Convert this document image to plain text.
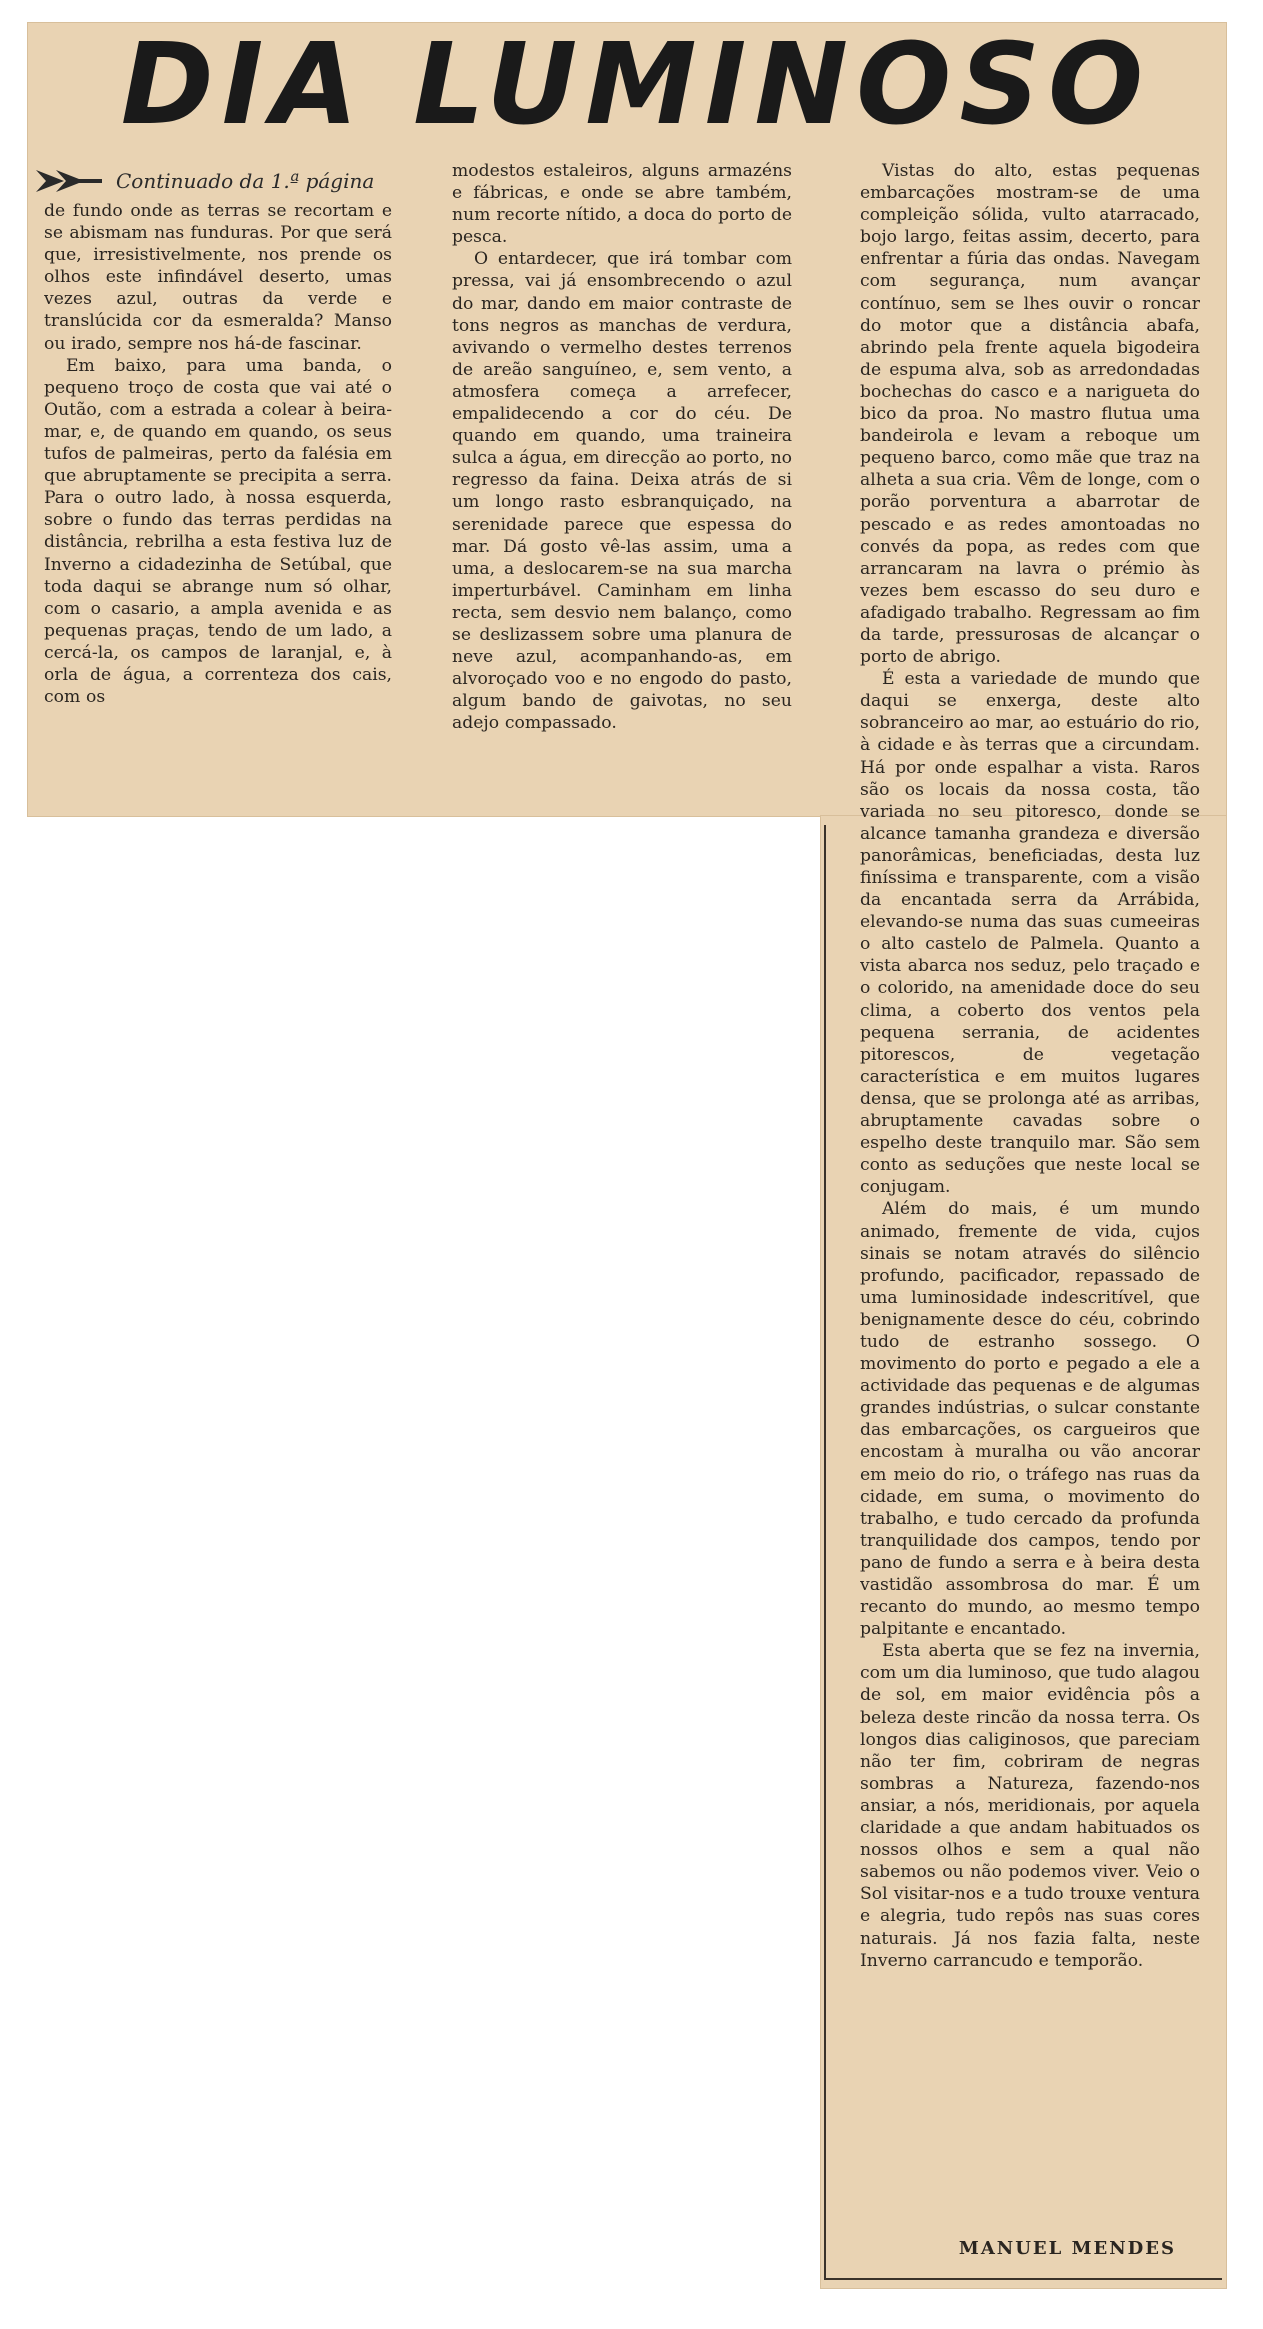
DIA LUMINOSO
Continuado da 1.ª página

de fundo onde as terras se recortam e se abismam nas funduras. Por que será que, irresistivelmente, nos prende os olhos este infindável deserto, umas vezes azul, outras da verde e translúcida cor da esmeralda? Manso ou irado, sempre nos há-de fascinar.

Em baixo, para uma banda, o pequeno troço de costa que vai até o Outão, com a estrada a colear à beira-mar, e, de quando em quando, os seus tufos de palmeiras, perto da falésia em que abruptamente se precipita a serra. Para o outro lado, à nossa esquerda, sobre o fundo das terras perdidas na distância, rebrilha a esta festiva luz de Inverno a cidadezinha de Setúbal, que toda daqui se abrange num só olhar, com o casario, a ampla avenida e as pequenas praças, tendo de um lado, a cercá-la, os campos de laranjal, e, à orla de água, a correnteza dos cais, com os

modestos estaleiros, alguns armazéns e fábricas, e onde se abre também, num recorte nítido, a doca do porto de pesca.

O entardecer, que irá tombar com pressa, vai já ensombrecendo o azul do mar, dando em maior contraste de tons negros as manchas de verdura, avivando o vermelho destes terrenos de areão sanguíneo, e, sem vento, a atmosfera começa a arrefecer, empalidecendo a cor do céu. De quando em quando, uma traineira sulca a água, em direcção ao porto, no regresso da faina. Deixa atrás de si um longo rasto esbranquiçado, na serenidade parece que espessa do mar. Dá gosto vê-las assim, uma a uma, a deslocarem-se na sua marcha imperturbável. Caminham em linha recta, sem desvio nem balanço, como se deslizassem sobre uma planura de neve azul, acompanhando-as, em alvoroçado voo e no engodo do pasto, algum bando de gaivotas, no seu adejo compassado.

Vistas do alto, estas pequenas embarcações mostram-se de uma compleição sólida, vulto atarracado, bojo largo, feitas assim, decerto, para enfrentar a fúria das ondas. Navegam com segurança, num avançar contínuo, sem se lhes ouvir o roncar do motor que a distância abafa, abrindo pela frente aquela bigodeira de espuma alva, sob as arredondadas bochechas do casco e a narigueta do bico da proa. No mastro flutua uma bandeirola e levam a reboque um pequeno barco, como mãe que traz na alheta a sua cria. Vêm de longe, com o porão porventura a abarrotar de pescado e as redes amontoadas no convés da popa, as redes com que arrancaram na lavra o prémio às vezes bem escasso do seu duro e afadigado trabalho. Regressam ao fim da tarde, pressurosas de alcançar o porto de abrigo.

É esta a variedade de mundo que daqui se enxerga, deste alto sobranceiro ao mar, ao estuário do rio, à cidade e às terras que a circundam. Há por onde espalhar a vista. Raros são os locais da nossa costa, tão variada no seu pitoresco, donde se alcance tamanha grandeza e diversão panorâmicas, beneficiadas, desta luz finíssima e transparente, com a visão da encantada serra da Arrábida, elevando-se numa das suas cumeeiras o alto castelo de Palmela. Quanto a vista abarca nos seduz, pelo traçado e o colorido, na amenidade doce do seu clima, a coberto dos ventos pela pequena serrania, de acidentes pitorescos, de vegetação característica e em muitos lugares densa, que se prolonga até as arribas, abruptamente cavadas sobre o espelho deste tranquilo mar. São sem conto as seduções que neste local se conjugam.

Além do mais, é um mundo animado, fremente de vida, cujos sinais se notam através do silêncio profundo, pacificador, repassado de uma luminosidade indescritível, que benignamente desce do céu, cobrindo tudo de estranho sossego. O movimento do porto e pegado a ele a actividade das pequenas e de algumas grandes indústrias, o sulcar constante das embarcações, os cargueiros que encostam à muralha ou vão ancorar em meio do rio, o tráfego nas ruas da cidade, em suma, o movimento do trabalho, e tudo cercado da profunda tranquilidade dos campos, tendo por pano de fundo a serra e à beira desta vastidão assombrosa do mar. É um recanto do mundo, ao mesmo tempo palpitante e encantado.

Esta aberta que se fez na invernia, com um dia luminoso, que tudo alagou de sol, em maior evidência pôs a beleza deste rincão da nossa terra. Os longos dias caliginosos, que pareciam não ter fim, cobriram de negras sombras a Natureza, fazendo-nos ansiar, a nós, meridionais, por aquela claridade a que andam habituados os nossos olhos e sem a qual não sabemos ou não podemos viver. Veio o Sol visitar-nos e a tudo trouxe ventura e alegria, tudo repôs nas suas cores naturais. Já nos fazia falta, neste Inverno carrancudo e temporão.

MANUEL MENDES
